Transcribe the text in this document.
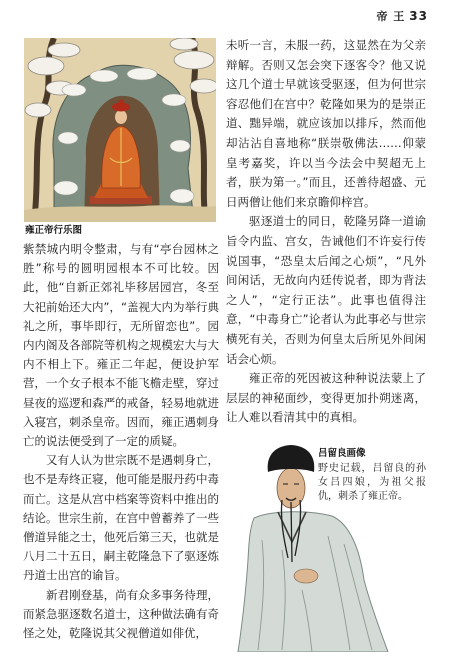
帝 王 33
雍正帝行乐图

紫禁城内明令整肃，与有“亭台园林之胜”称号的圆明园根本不可比较。因此，他“自新正郊礼毕移居园宫，冬至大祀前始还大内”，“盖视大内为举行典礼之所，事毕即行，无所留恋也”。园内内阁及各部院等机构之规模宏大与大内不相上下。雍正二年起，便设护军营，一个女子根本不能飞檐走壁，穿过昼夜的巡逻和森严的戒备，轻易地就进入寝宫，刺杀皇帝。因而，雍正遇刺身亡的说法便受到了一定的质疑。

又有人认为世宗既不是遇刺身亡，也不是寿终正寝，他可能是服丹药中毒而亡。这是从宫中档案等资料中推出的结论。世宗生前，在宫中曾蓄养了一些僧道异能之士，他死后第三天，也就是八月二十五日，嗣主乾隆急下了驱逐炼丹道士出宫的谕旨。

新君刚登基，尚有众多事务待理，而紧急驱逐数名道士，这种做法确有奇怪之处，乾隆说其父视僧道如俳优，

未听一言，未服一药，这显然在为父亲辩解。否则又怎会突下逐客令？他又说这几个道士早就该受驱逐，但为何世宗容忍他们在宫中？乾隆如果为的是崇正道、黜异端，就应该加以排斥，然而他却沾沾自喜地称“朕崇敬佛法……仰蒙皇考嘉奖，许以当今法会中契超无上者，朕为第一。”而且，还善待超盛、元日两僧让他们来京瞻仰梓宫。

驱逐道士的同日，乾隆另降一道谕旨令内监、宫女，告诫他们不许妄行传说国事，“恐皇太后闻之心烦”，“凡外间闲话，无故向内廷传说者，即为背法之人”，“定行正法”。此事也值得注意，“中毒身亡”论者认为此事必与世宗横死有关，否则为何皇太后所见外间闲话会心烦。

雍正帝的死因被这种种说法蒙上了层层的神秘面纱，变得更加扑朔迷离，让人难以看清其中的真相。

吕留良画像
野史记载，吕留良的孙女吕四娘，为祖父报仇，刺杀了雍正帝。
